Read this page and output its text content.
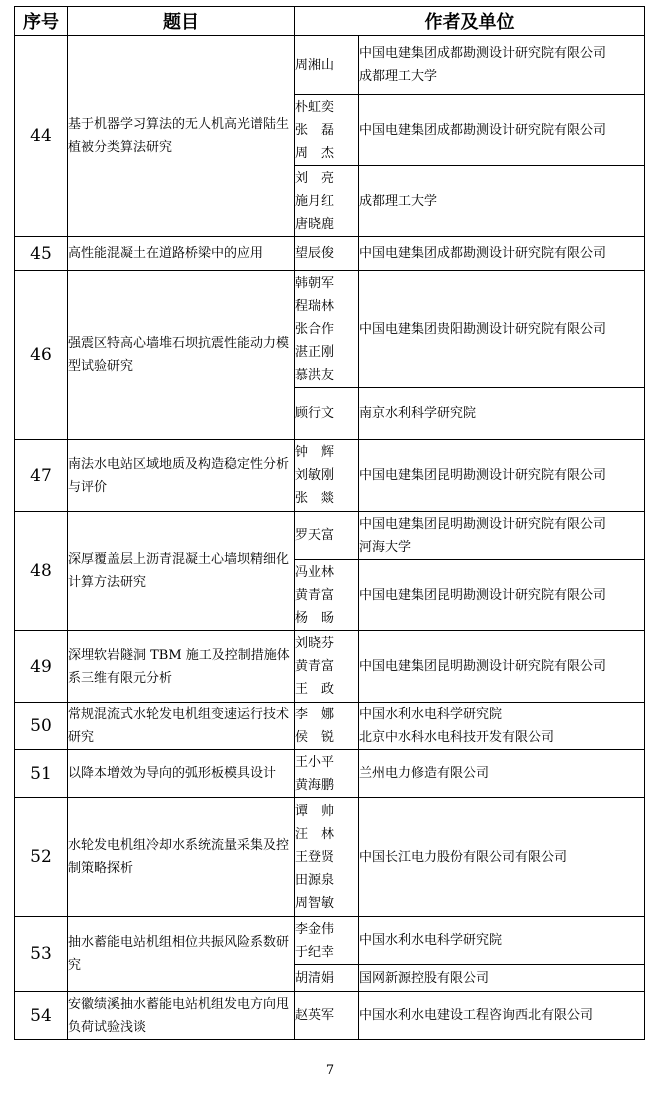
序号	题目	作者及单位	
44	基于机器学习算法的无人机高光谱陆生植被分类算法研究	周湘山	中国电建集团成都勘测设计研究院有限公司
成都理工大学

		朴虹奕
张　磊
周　杰	中国电建集团成都勘测设计研究院有限公司

		刘　亮
施月红
唐晓鹿	成都理工大学

45	高性能混凝土在道路桥梁中的应用	望辰俊	中国电建集团成都勘测设计研究院有限公司

46	强震区特高心墙堆石坝抗震性能动力模型试验研究	韩朝军
程瑞林
张合作
湛正刚
慕洪友	中国电建集团贵阳勘测设计研究院有限公司

		顾行文	南京水利科学研究院

47	南法水电站区域地质及构造稳定性分析与评价	钟　辉
刘敏刚
张　燚	中国电建集团昆明勘测设计研究院有限公司

48	深厚覆盖层上沥青混凝土心墙坝精细化计算方法研究	罗天富	中国电建集团昆明勘测设计研究院有限公司
河海大学

		冯业林
黄青富
杨　旸	中国电建集团昆明勘测设计研究院有限公司

49	深埋软岩隧洞 TBM 施工及控制措施体系三维有限元分析	刘晓芬
黄青富
王　政	中国电建集团昆明勘测设计研究院有限公司

50	常规混流式水轮发电机组变速运行技术研究	李　娜
侯　锐	中国水利水电科学研究院
北京中水科水电科技开发有限公司

51	以降本增效为导向的弧形板模具设计	王小平
黄海鹏	兰州电力修造有限公司

52	水轮发电机组冷却水系统流量采集及控制策略探析	谭　帅
汪　林
王登贤
田源泉
周智敏	中国长江电力股份有限公司有限公司

53	抽水蓄能电站机组相位共振风险系数研究	李金伟
于纪幸	中国水利水电科学研究院

		胡清娟	国网新源控股有限公司

54	安徽绩溪抽水蓄能电站机组发电方向甩负荷试验浅谈	赵英军	中国水利水电建设工程咨询西北有限公司
7
